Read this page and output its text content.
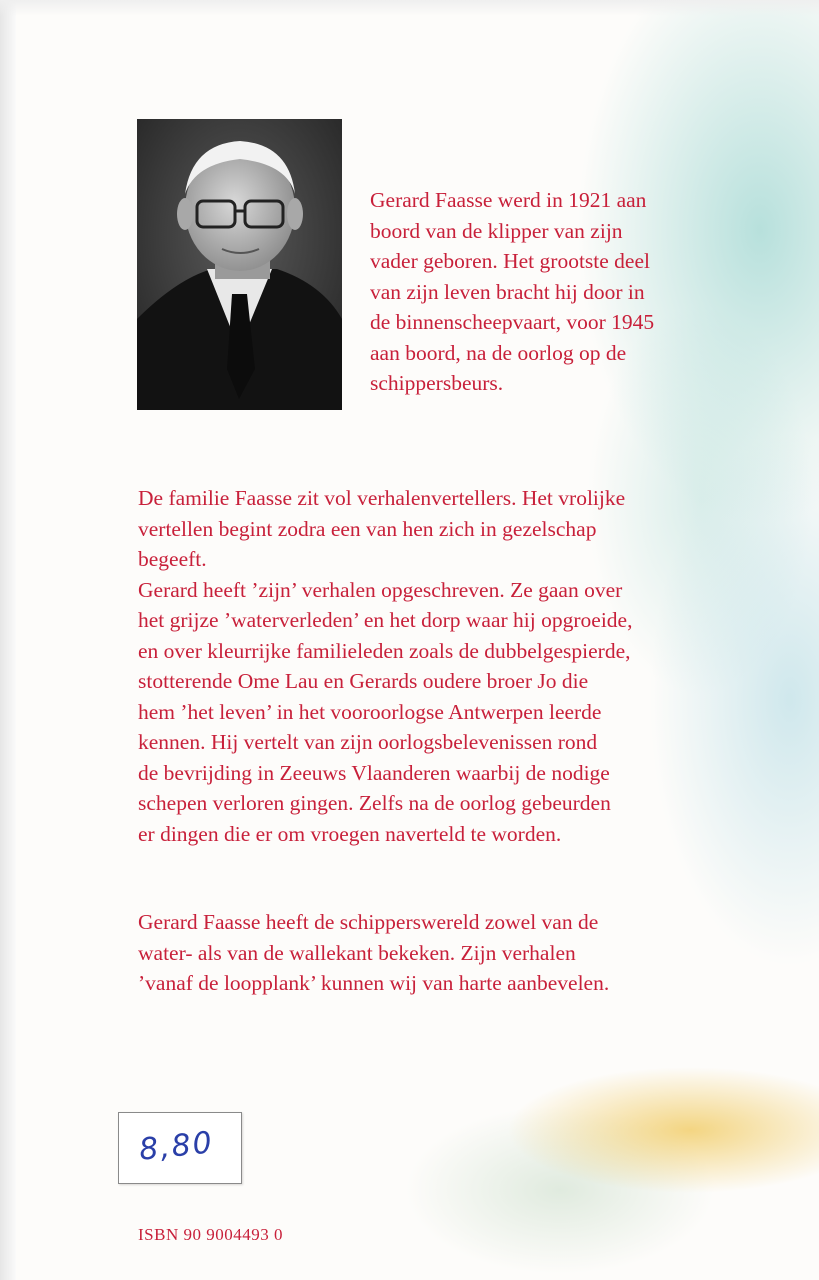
Gerard Faasse werd in 1921 aan
boord van de klipper van zijn
vader geboren. Het grootste deel
van zijn leven bracht hij door in
de binnenscheepvaart, voor 1945
aan boord, na de oorlog op de
schippersbeurs.

De familie Faasse zit vol verhalenvertellers. Het vrolijke
vertellen begint zodra een van hen zich in gezelschap
begeeft.
Gerard heeft ’zijn’ verhalen opgeschreven. Ze gaan over
het grijze ’waterverleden’ en het dorp waar hij opgroeide,
en over kleurrijke familieleden zoals de dubbelgespierde,
stotterende Ome Lau en Gerards oudere broer Jo die
hem ’het leven’ in het vooroorlogse Antwerpen leerde
kennen. Hij vertelt van zijn oorlogsbelevenissen rond
de bevrijding in Zeeuws Vlaanderen waarbij de nodige
schepen verloren gingen. Zelfs na de oorlog gebeurden
er dingen die er om vroegen naverteld te worden.

Gerard Faasse heeft de schipperswereld zowel van de
water- als van de wallekant bekeken. Zijn verhalen
’vanaf de loopplank’ kunnen wij van harte aanbevelen.

8,80

ISBN 90 9004493 0
